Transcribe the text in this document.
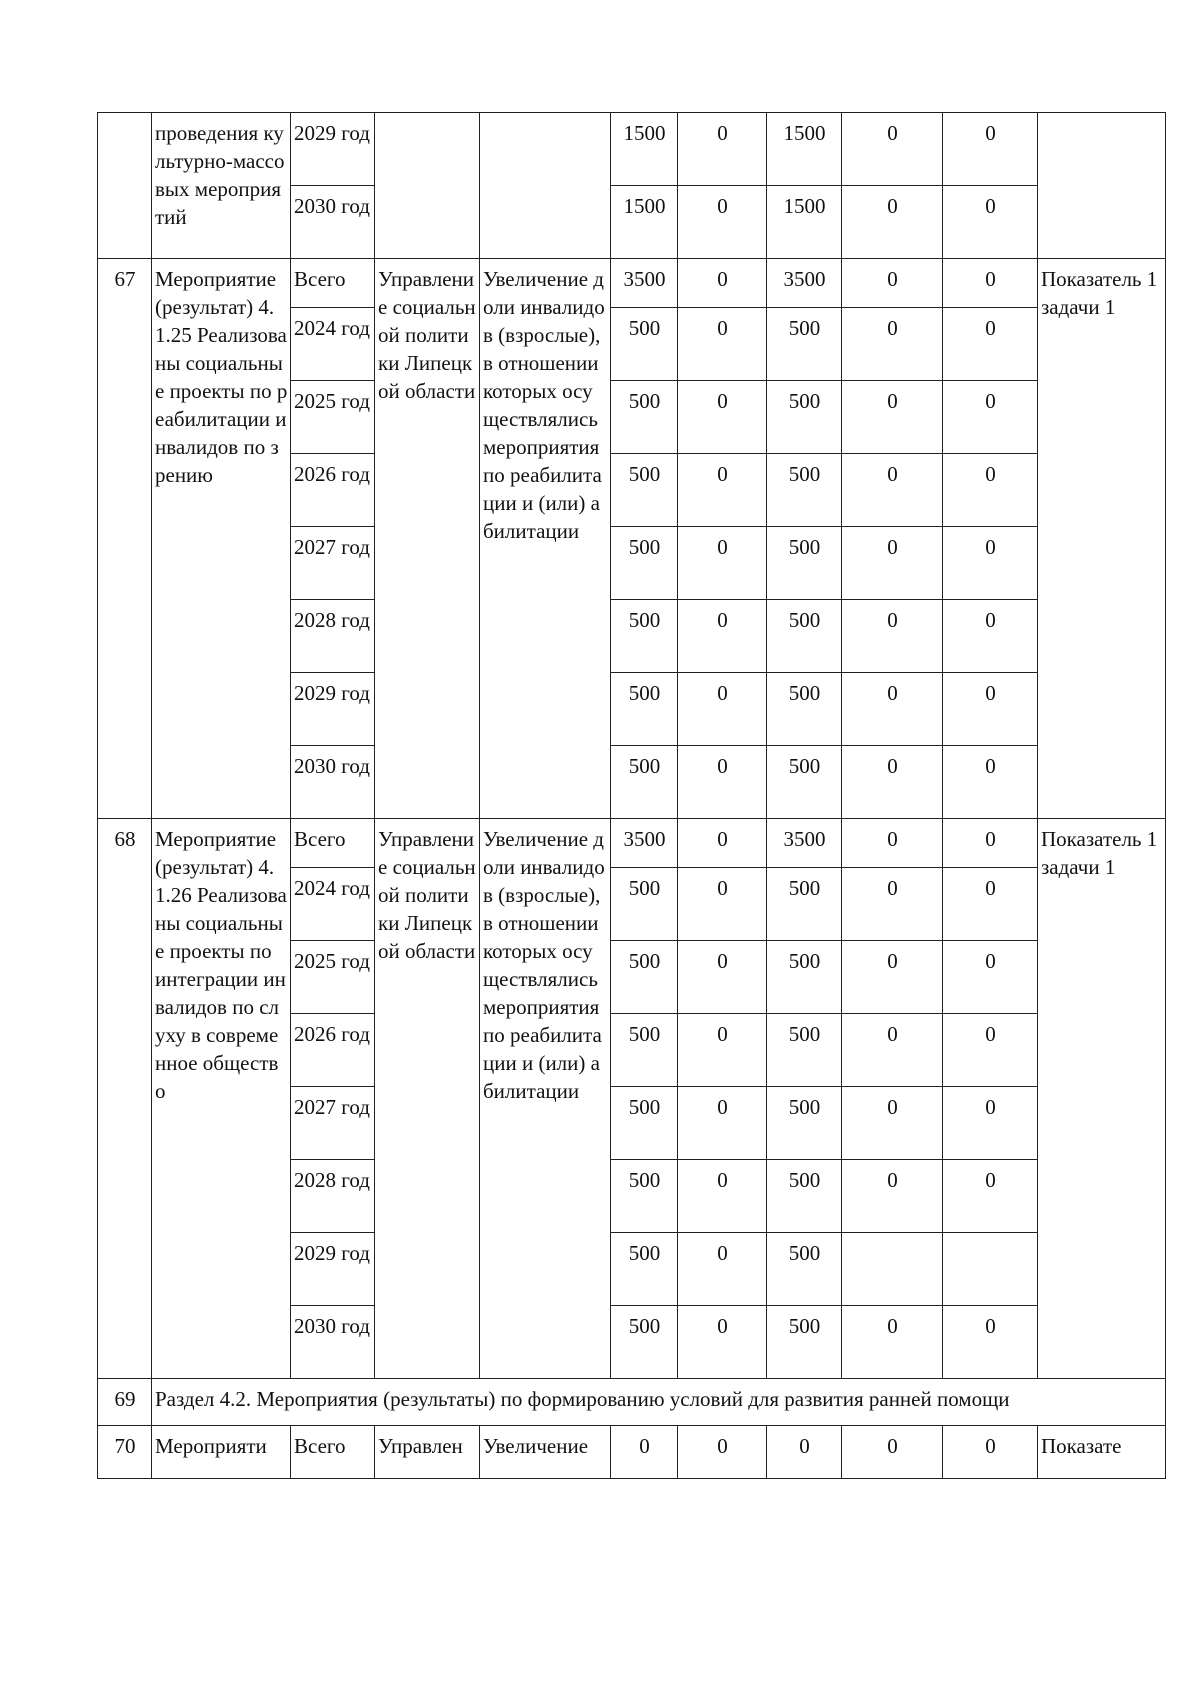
	проведения культурно-массовых мероприятий	2029 год			1500	0	1500	0	0	
		2030 год			1500	0	1500	0	0	
67	Мероприятие (результат) 4.1.25 Реализованы социальные проекты по реабилитации инвалидов по зрению	Всего	Управление социальной политики Липецкой области	Увеличение доли инвалидов (взрослые), в отношении которых осуществлялись мероприятия по реабилитации и (или) абилитации	3500	0	3500	0	0	Показатель 1 задачи 1
		2024 год			500	0	500	0	0	
		2025 год			500	0	500	0	0	
		2026 год			500	0	500	0	0	
		2027 год			500	0	500	0	0	
		2028 год			500	0	500	0	0	
		2029 год			500	0	500	0	0	
		2030 год			500	0	500	0	0	
68	Мероприятие (результат) 4.1.26 Реализованы социальные проекты по интеграции инвалидов по слуху в современное общество	Всего	Управление социальной политики Липецкой области	Увеличение доли инвалидов (взрослые), в отношении которых осуществлялись мероприятия по реабилитации и (или) абилитации	3500	0	3500	0	0	Показатель 1 задачи 1
		2024 год			500	0	500	0	0	
		2025 год			500	0	500	0	0	
		2026 год			500	0	500	0	0	
		2027 год			500	0	500	0	0	
		2028 год			500	0	500	0	0	
		2029 год			500	0	500			
		2030 год			500	0	500	0	0	
69	Раздел 4.2. Мероприятия (результаты) по формированию условий для развития ранней помощи									
70	Мероприяти	Всего	Управлен	Увеличение	0	0	0	0	0	Показате
